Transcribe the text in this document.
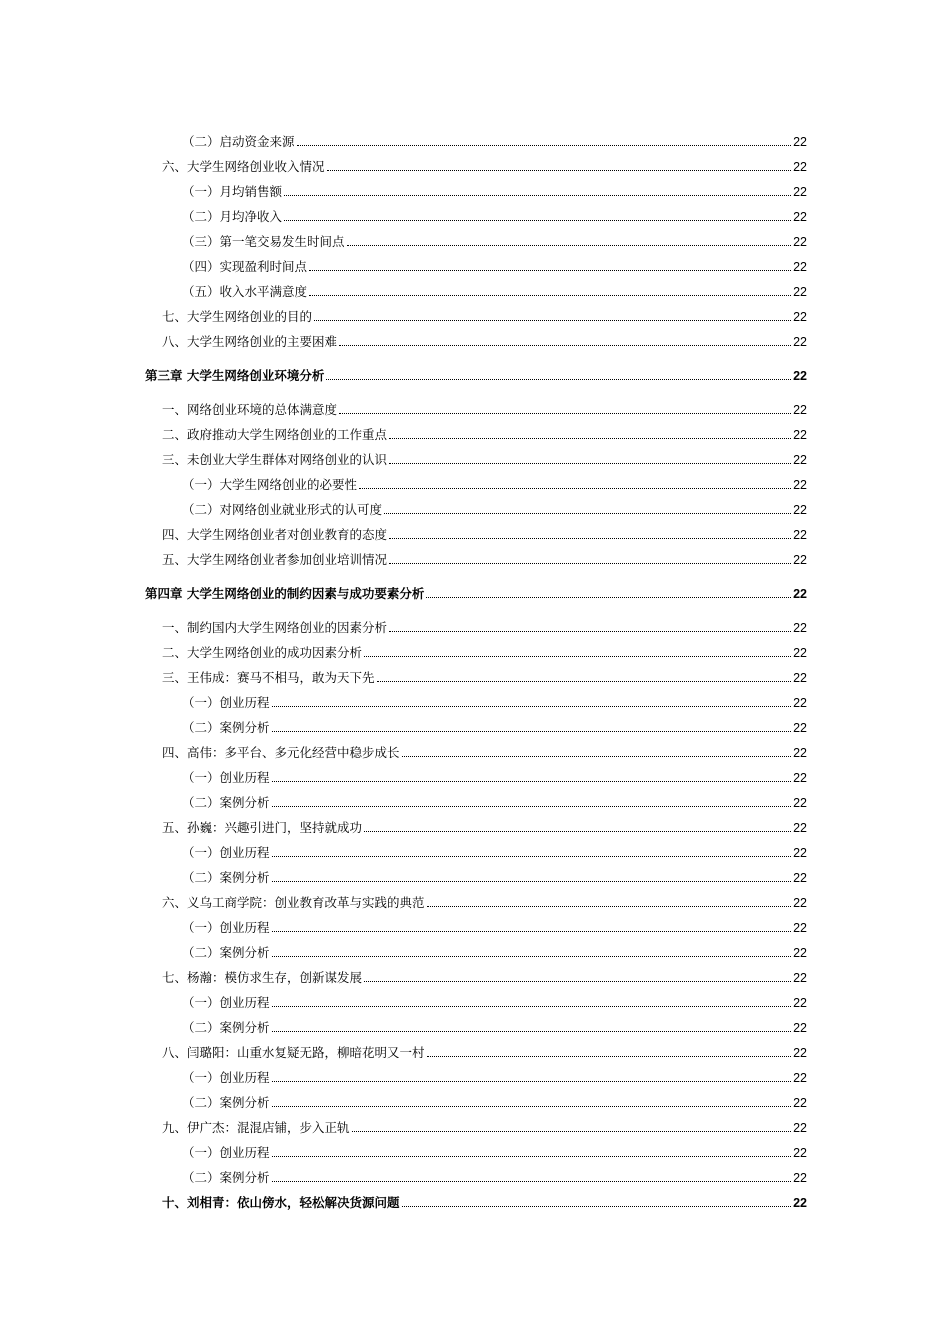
（二）启动资金来源	22
六、大学生网络创业收入情况	22
（一）月均销售额	22
（二）月均净收入	22
（三）第一笔交易发生时间点	22
（四）实现盈利时间点	22
（五）收入水平满意度	22
七、大学生网络创业的目的	22
八、大学生网络创业的主要困难	22
第三章 大学生网络创业环境分析	22
一、网络创业环境的总体满意度	22
二、政府推动大学生网络创业的工作重点	22
三、未创业大学生群体对网络创业的认识	22
（一）大学生网络创业的必要性	22
（二）对网络创业就业形式的认可度	22
四、大学生网络创业者对创业教育的态度	22
五、大学生网络创业者参加创业培训情况	22
第四章 大学生网络创业的制约因素与成功要素分析	22
一、制约国内大学生网络创业的因素分析	22
二、大学生网络创业的成功因素分析	22
三、王伟成：赛马不相马，敢为天下先	22
（一）创业历程	22
（二）案例分析	22
四、高伟：多平台、多元化经营中稳步成长	22
（一）创业历程	22
（二）案例分析	22
五、孙巍：兴趣引进门，坚持就成功	22
（一）创业历程	22
（二）案例分析	22
六、义乌工商学院：创业教育改革与实践的典范	22
（一）创业历程	22
（二）案例分析	22
七、杨瀚：模仿求生存，创新谋发展	22
（一）创业历程	22
（二）案例分析	22
八、闫璐阳：山重水复疑无路，柳暗花明又一村	22
（一）创业历程	22
（二）案例分析	22
九、伊广杰：混混店铺，步入正轨	22
（一）创业历程	22
（二）案例分析	22
十、刘相青：依山傍水，轻松解决货源问题	22
